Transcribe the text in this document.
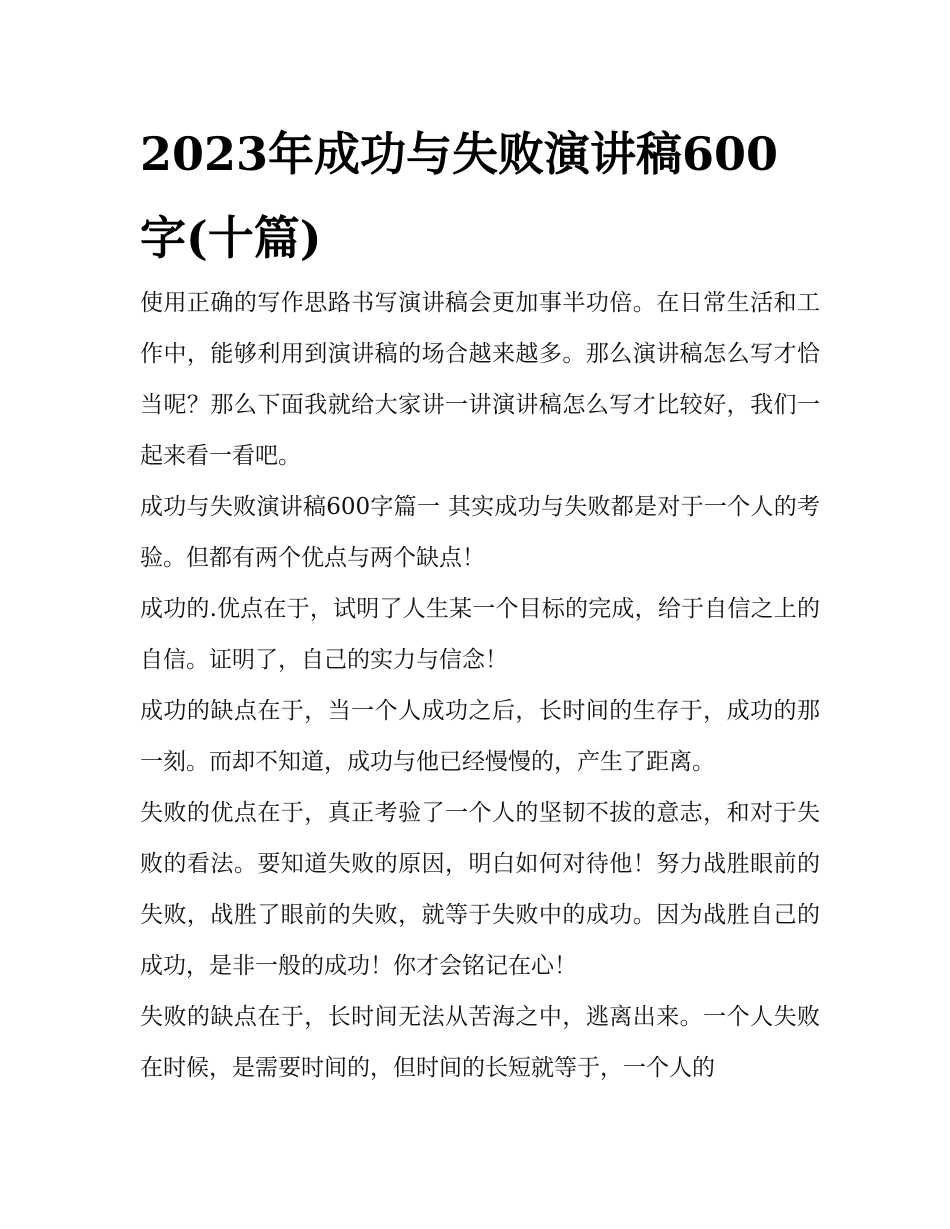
2023年成功与失败演讲稿600字(十篇)

使用正确的写作思路书写演讲稿会更加事半功倍。在日常生活和工作中，能够利用到演讲稿的场合越来越多。那么演讲稿怎么写才恰当呢？那么下面我就给大家讲一讲演讲稿怎么写才比较好，我们一起来看一看吧。

成功与失败演讲稿600字篇一 其实成功与失败都是对于一个人的考验。但都有两个优点与两个缺点！

成功的.优点在于，试明了人生某一个目标的完成，给于自信之上的自信。证明了，自己的实力与信念！

成功的缺点在于，当一个人成功之后，长时间的生存于，成功的那一刻。而却不知道，成功与他已经慢慢的，产生了距离。

失败的优点在于，真正考验了一个人的坚韧不拔的意志，和对于失败的看法。要知道失败的原因，明白如何对待他！努力战胜眼前的失败，战胜了眼前的失败，就等于失败中的成功。因为战胜自己的成功，是非一般的成功！你才会铭记在心！

失败的缺点在于，长时间无法从苦海之中，逃离出来。一个人失败在时候，是需要时间的，但时间的长短就等于，一个人的
